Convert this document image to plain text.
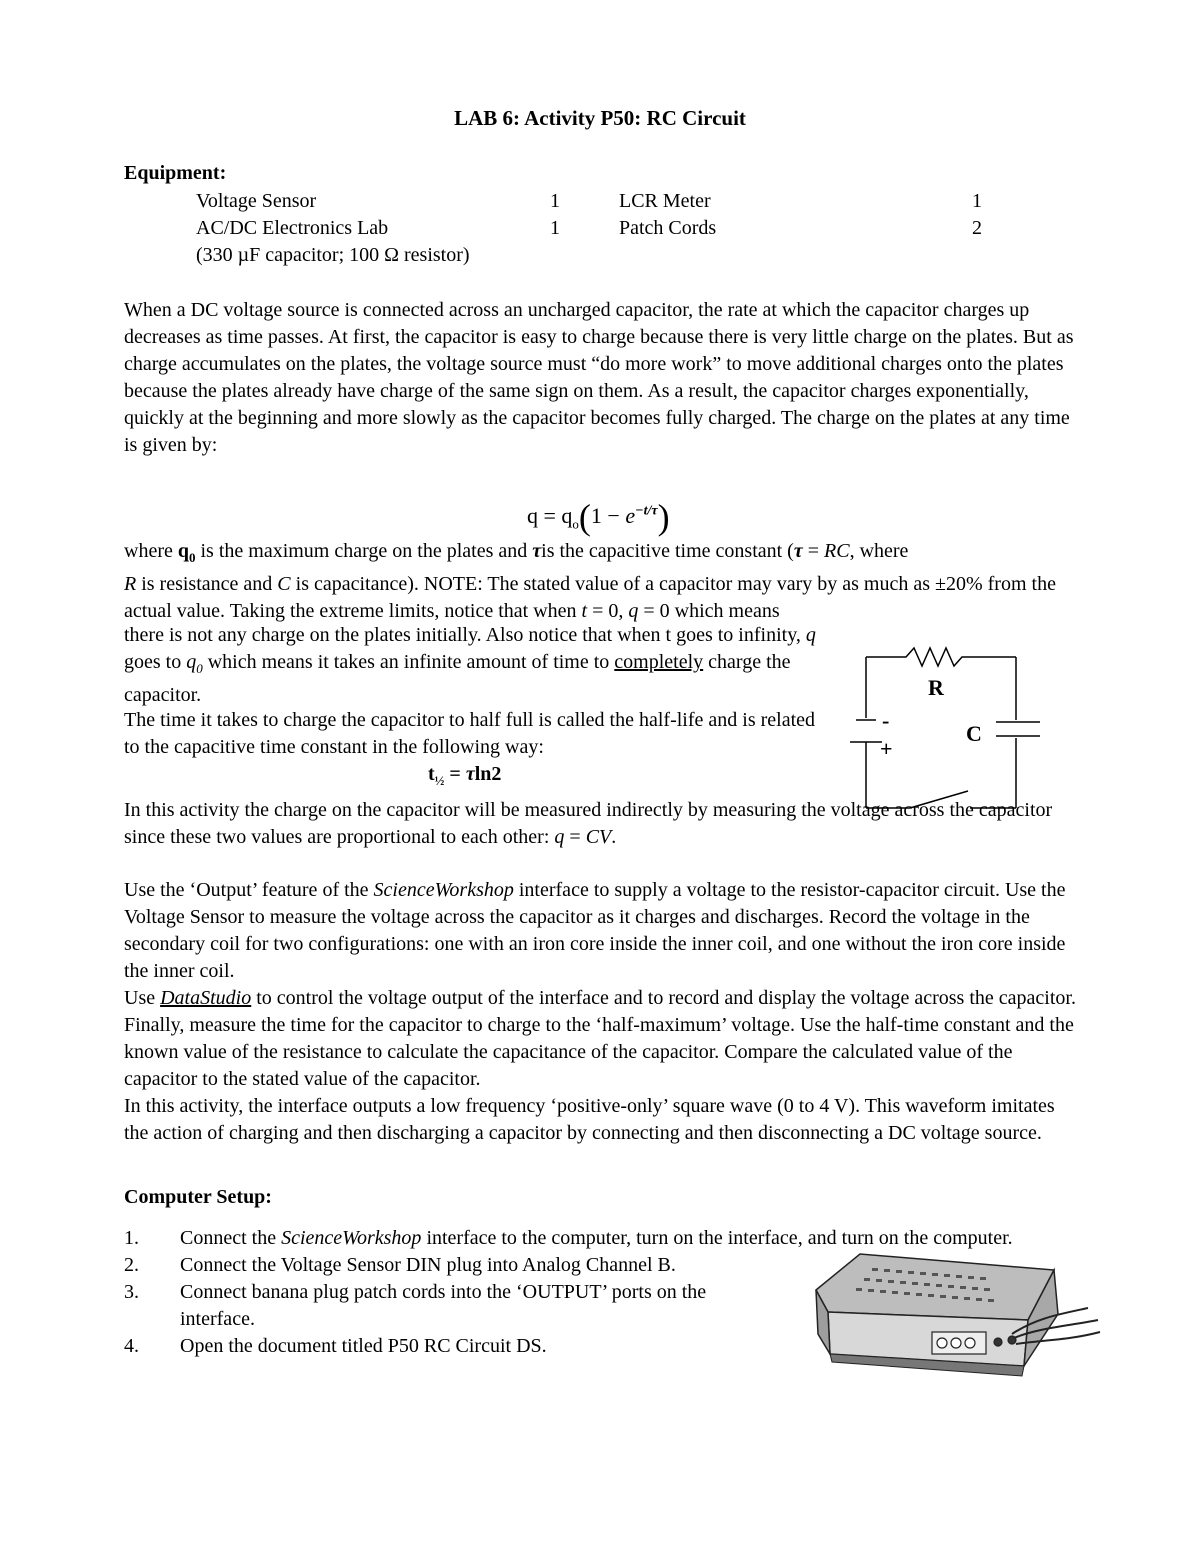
LAB 6: Activity P50: RC Circuit
Equipment:
Voltage Sensor	1	LCR Meter	1
AC/DC Electronics Lab	1	Patch Cords	2
(330 µF capacitor; 100 Ω resistor)
When a DC voltage source is connected across an uncharged capacitor, the rate at which the capacitor charges up decreases as time passes. At first, the capacitor is easy to charge because there is very little charge on the plates. But as charge accumulates on the plates, the voltage source must “do more work” to move additional charges onto the plates because the plates already have charge of the same sign on them. As a result, the capacitor charges exponentially, quickly at the beginning and more slowly as the capacitor becomes fully charged. The charge on the plates at any time is given by:
$q = q_o(1 - e^{-t/\tau})$
where $q_0$ is the maximum charge on the plates and τis the capacitive time constant (τ = RC, where
R is resistance and C is capacitance). NOTE: The stated value of a capacitor may vary by as much as ±20% from the actual value. Taking the extreme limits, notice that when t = 0, q = 0 which means
there is not any charge on the plates initially. Also notice that when t goes to infinity, q goes to $q_0$ which means it takes an infinite amount of time to completely charge the capacitor.
The time it takes to charge the capacitor to half full is called the half-life and is related to the capacitive time constant in the following way:
$t_{\frac{1}{2}} = \tau\ln 2$
In this activity the charge on the capacitor will be measured indirectly by measuring the voltage across the capacitor since these two values are proportional to each other: q = CV.
Use the ‘Output’ feature of the ScienceWorkshop interface to supply a voltage to the resistor-capacitor circuit. Use the Voltage Sensor to measure the voltage across the capacitor as it charges and discharges. Record the voltage in the secondary coil for two configurations: one with an iron core inside the inner coil, and one without the iron core inside the inner coil.
Use DataStudio to control the voltage output of the interface and to record and display the voltage across the capacitor. Finally, measure the time for the capacitor to charge to the ‘half-maximum’ voltage. Use the half-time constant and the known value of the resistance to calculate the capacitance of the capacitor. Compare the calculated value of the capacitor to the stated value of the capacitor.
In this activity, the interface outputs a low frequency ‘positive-only’ square wave (0 to 4 V). This waveform imitates the action of charging and then discharging a capacitor by connecting and then disconnecting a DC voltage source.
Computer Setup:
1. Connect the ScienceWorkshop interface to the computer, turn on the interface, and turn on the computer.
2. Connect the Voltage Sensor DIN plug into Analog Channel B.
3. Connect banana plug patch cords into the ‘OUTPUT’ ports on the interface.
4. Open the document titled P50 RC Circuit DS.
R
C
-
+
